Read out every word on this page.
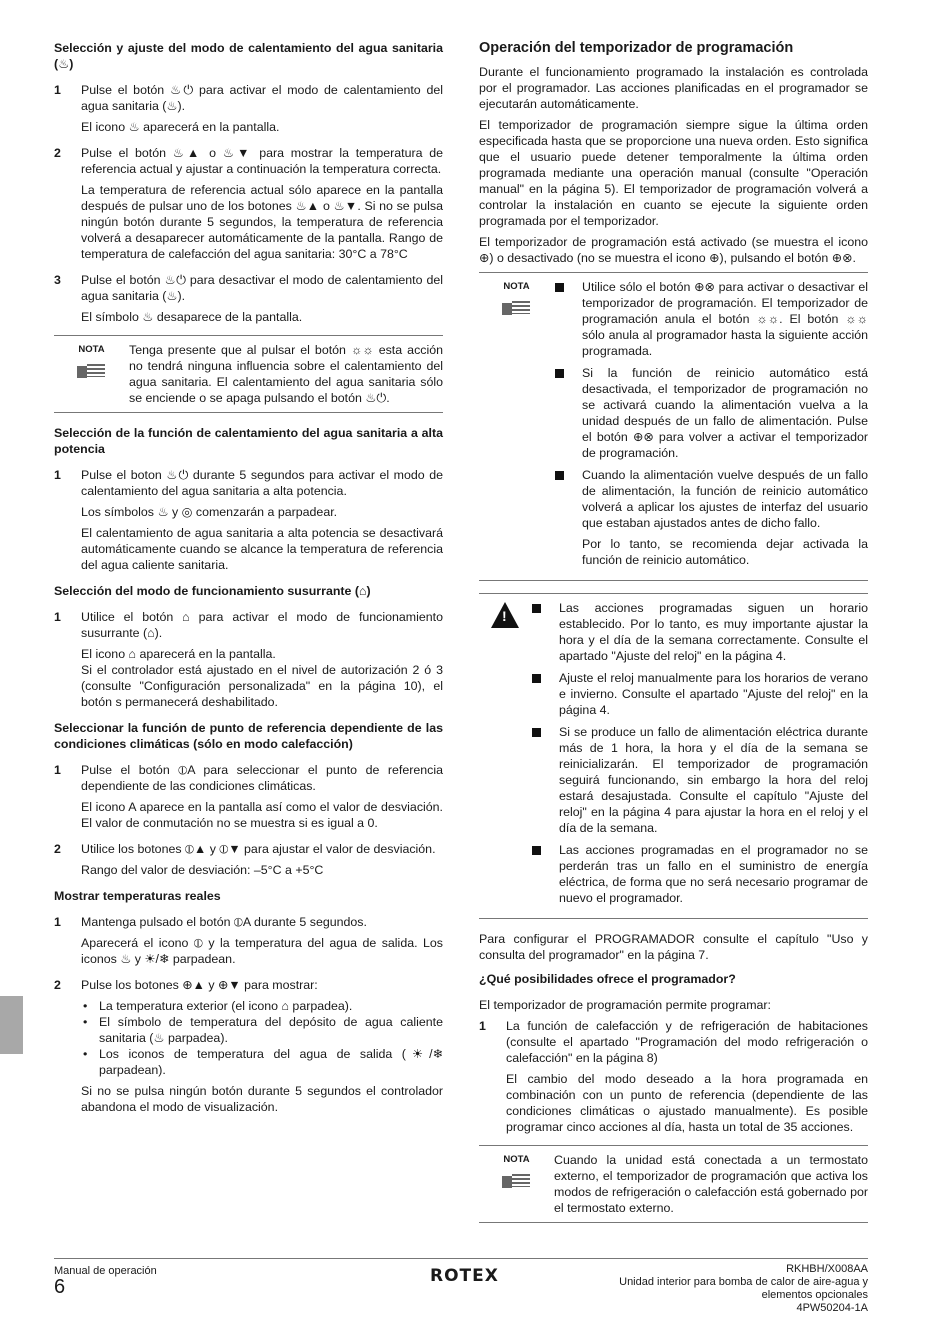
Selección y ajuste del modo de calentamiento del agua sanitaria (♨)
1 Pulse el botón ♨⏻ para activar el modo de calentamiento del agua sanitaria (♨).

El icono ♨ aparecerá en la pantalla.

2 Pulse el botón ♨▲ o ♨▼ para mostrar la temperatura de referencia actual y ajustar a continuación la temperatura correcta.

La temperatura de referencia actual sólo aparece en la pantalla después de pulsar uno de los botones ♨▲ o ♨▼. Si no se pulsa ningún botón durante 5 segundos, la temperatura de referencia volverá a desaparecer automáticamente de la pantalla. Rango de temperatura de calefacción del agua sanitaria: 30°C a 78°C

3 Pulse el botón ♨⏻ para desactivar el modo de calentamiento del agua sanitaria (♨).

El símbolo ♨ desaparece de la pantalla.

NOTA	Tenga presente que al pulsar el botón ☼☼ esta acción no tendrá ninguna influencia sobre el calentamiento del agua sanitaria. El calentamiento del agua sanitaria sólo se enciende o se apaga pulsando el botón ♨⏻.
Selección de la función de calentamiento del agua sanitaria a alta potencia
1 Pulse el boton ♨⏻ durante 5 segundos para activar el modo de calentamiento del agua sanitaria a alta potencia.

Los símbolos ♨ y ◎ comenzarán a parpadear.

El calentamiento de agua sanitaria a alta potencia se desactivará automáticamente cuando se alcance la temperatura de referencia del agua caliente sanitaria.

Selección del modo de funcionamiento susurrante (⌂)
1 Utilice el botón ⌂ para activar el modo de funcionamiento susurrante (⌂).

El icono ⌂ aparecerá en la pantalla.
Si el controlador está ajustado en el nivel de autorización 2 ó 3 (consulte "Configuración personalizada" en la página 10), el botón s permanecerá deshabilitado.

Seleccionar la función de punto de referencia dependiente de las condiciones climáticas (sólo en modo calefacción)
1 Pulse el botón ⦶A para seleccionar el punto de referencia dependiente de las condiciones climáticas.

El icono A aparece en la pantalla así como el valor de desviación. El valor de conmutación no se muestra si es igual a 0.

2 Utilice los botones ⦶▲ y ⦶▼ para ajustar el valor de desviación.

Rango del valor de desviación: –5°C a +5°C

Mostrar temperaturas reales
1 Mantenga pulsado el botón ⦶A durante 5 segundos.

Aparecerá el icono ⦶ y la temperatura del agua de salida. Los iconos ♨ y ☀/❄ parpadean.

2 Pulse los botones ⊕▲ y ⊕▼ para mostrar:

• La temperatura exterior (el icono ⌂ parpadea).
• El símbolo de temperatura del depósito de agua caliente sanitaria (♨ parpadea).
• Los iconos de temperatura del agua de salida (☀/❄ parpadean).

Si no se pulsa ningún botón durante 5 segundos el controlador abandona el modo de visualización.

Operación del temporizador de programación

Durante el funcionamiento programado la instalación es controlada por el programador. Las acciones planificadas en el programador se ejecutarán automáticamente.

El temporizador de programación siempre sigue la última orden especificada hasta que se proporcione una nueva orden. Esto significa que el usuario puede detener temporalmente la última orden programada mediante una operación manual (consulte "Operación manual" en la página 5). El temporizador de programación volverá a controlar la instalación en cuanto se ejecute la siguiente orden programada por el temporizador.

El temporizador de programación está activado (se muestra el icono ⊕) o desactivado (no se muestra el icono ⊕), pulsando el botón ⊕⊗.

NOTA	Utilice sólo el botón ⊕⊗ para activar o desactivar el temporizador de programación. El temporizador de programación anula el botón ☼☼. El botón ☼☼ sólo anula al programador hasta la siguiente acción programada.
Si la función de reinicio automático está desactivada, el temporizador de programación no se activará cuando la alimentación vuelva a la unidad después de un fallo de alimentación. Pulse el botón ⊕⊗ para volver a activar el temporizador de programación.
Cuando la alimentación vuelve después de un fallo de alimentación, la función de reinicio automático volverá a aplicar los ajustes de interfaz del usuario que estaban ajustados antes de dicho fallo.
Por lo tanto, se recomienda dejar activada la función de reinicio automático.
!
Las acciones programadas siguen un horario establecido. Por lo tanto, es muy importante ajustar la hora y el día de la semana correctamente. Consulte el apartado "Ajuste del reloj" en la página 4.
Ajuste el reloj manualmente para los horarios de verano e invierno. Consulte el apartado "Ajuste del reloj" en la página 4.
Si se produce un fallo de alimentación eléctrica durante más de 1 hora, la hora y el día de la semana se reinicializarán. El temporizador de programación seguirá funcionando, sin embargo la hora del reloj estará desajustada. Consulte el capítulo "Ajuste del reloj" en la página 4 para ajustar la hora en el reloj y el día de la semana.
Las acciones programadas en el programador no se perderán tras un fallo en el suministro de energía eléctrica, de forma que no será necesario programar de nuevo el programador.

Para configurar el PROGRAMADOR consulte el capítulo "Uso y consulta del programador" en la página 7.

¿Qué posibilidades ofrece el programador?

El temporizador de programación permite programar:

1 La función de calefacción y de refrigeración de habitaciones (consulte el apartado "Programación del modo refrigeración o calefacción" en la página 8)

El cambio del modo deseado a la hora programada en combinación con un punto de referencia (dependiente de las condiciones climáticas o ajustado manualmente). Es posible programar cinco acciones al día, hasta un total de 35 acciones.

NOTA	Cuando la unidad está conectada a un termostato externo, el temporizador de programación que activa los modos de refrigeración o calefacción está gobernado por el termostato externo.
Manual de operación
6	ROTEX	RKHBH/X008AA
Unidad interior para bomba de calor de aire-agua y
elementos opcionales
4PW50204-1A
